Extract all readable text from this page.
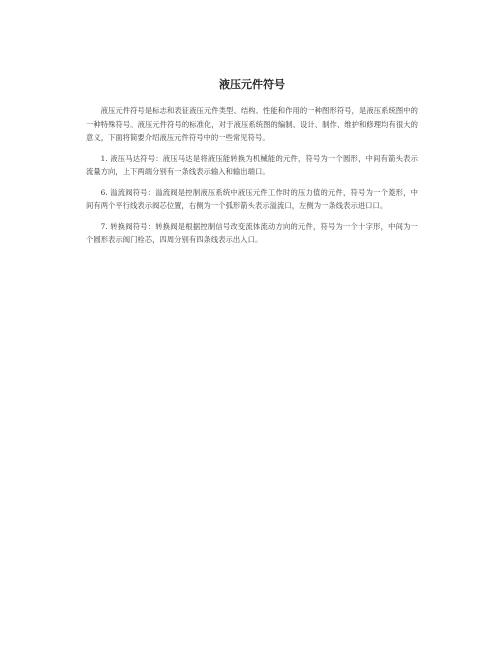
液压元件符号

液压元件符号是标志和表征液压元件类型、结构、性能和作用的一种图形符号，是液压系统图中的一种特殊符号。液压元件符号的标准化，对于液压系统图的编制、设计、制作、维护和修理均有很大的意义，下面将简要介绍液压元件符号中的一些常见符号。

1. 液压马达符号：液压马达是将液压能转换为机械能的元件，符号为一个圆形，中间有箭头表示流量方向，上下两端分别有一条线表示输入和输出端口。

6. 溢流阀符号：溢流阀是控制液压系统中液压元件工作时的压力值的元件，符号为一个菱形，中间有两个平行线表示阀芯位置，右侧为一个弧形箭头表示溢流口，左侧为一条线表示进口口。

7. 转换阀符号：转换阀是根据控制信号改变流体流动方向的元件，符号为一个十字形，中间为一个圆形表示阀门栓芯，四周分别有四条线表示出入口。
